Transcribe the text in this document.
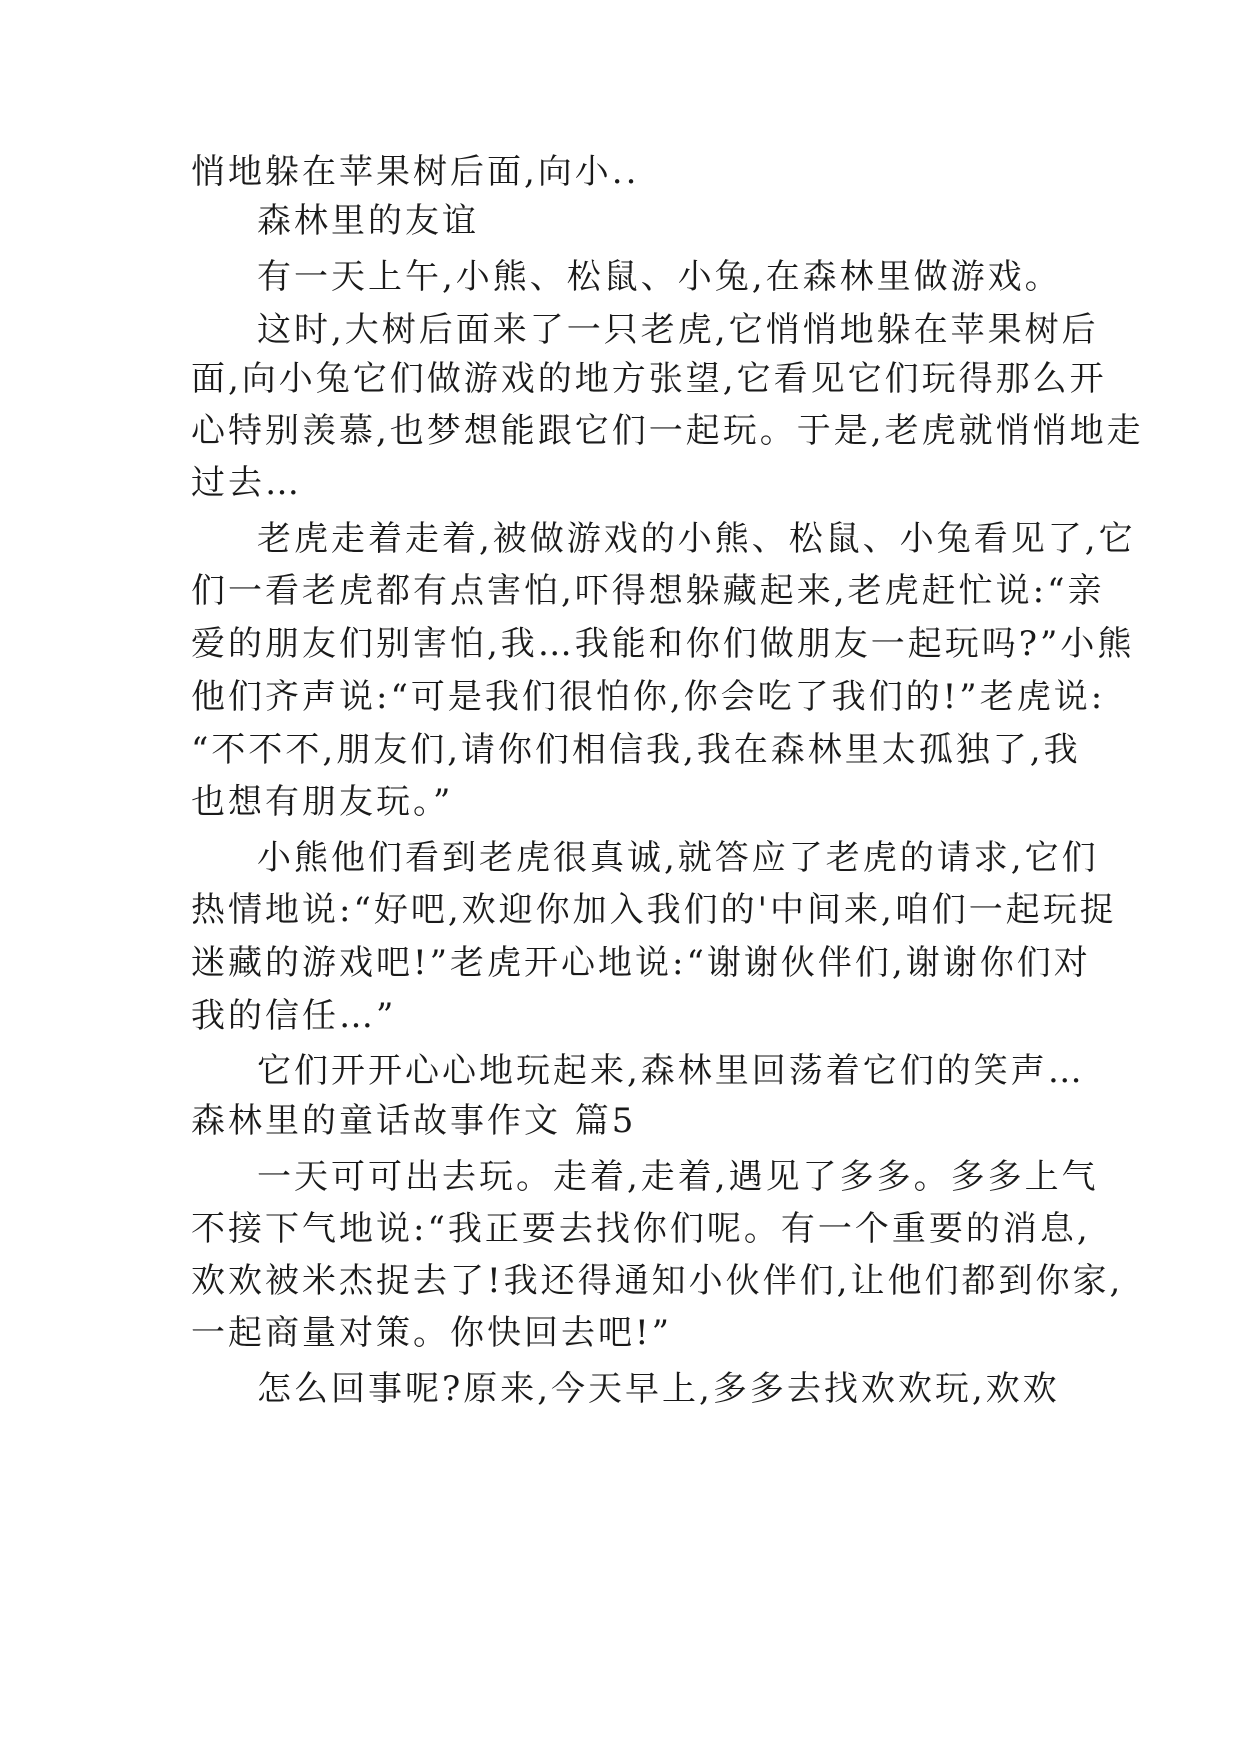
悄地躲在苹果树后面,向小..
森林里的友谊
有一天上午,小熊、松鼠、小兔,在森林里做游戏。
这时,大树后面来了一只老虎,它悄悄地躲在苹果树后
面,向小兔它们做游戏的地方张望,它看见它们玩得那么开
心特别羡慕,也梦想能跟它们一起玩。于是,老虎就悄悄地走
过去…
老虎走着走着,被做游戏的小熊、松鼠、小兔看见了,它
们一看老虎都有点害怕,吓得想躲藏起来,老虎赶忙说:“亲
爱的朋友们别害怕,我…我能和你们做朋友一起玩吗?”小熊
他们齐声说:“可是我们很怕你,你会吃了我们的!”老虎说:
“不不不,朋友们,请你们相信我,我在森林里太孤独了,我
也想有朋友玩。”
小熊他们看到老虎很真诚,就答应了老虎的请求,它们
热情地说:“好吧,欢迎你加入我们的'中间来,咱们一起玩捉
迷藏的游戏吧!”老虎开心地说:“谢谢伙伴们,谢谢你们对
我的信任…”
它们开开心心地玩起来,森林里回荡着它们的笑声…
森林里的童话故事作文 篇5
一天可可出去玩。走着,走着,遇见了多多。多多上气
不接下气地说:“我正要去找你们呢。有一个重要的消息,
欢欢被米杰捉去了!我还得通知小伙伴们,让他们都到你家,
一起商量对策。你快回去吧!”
怎么回事呢?原来,今天早上,多多去找欢欢玩,欢欢
